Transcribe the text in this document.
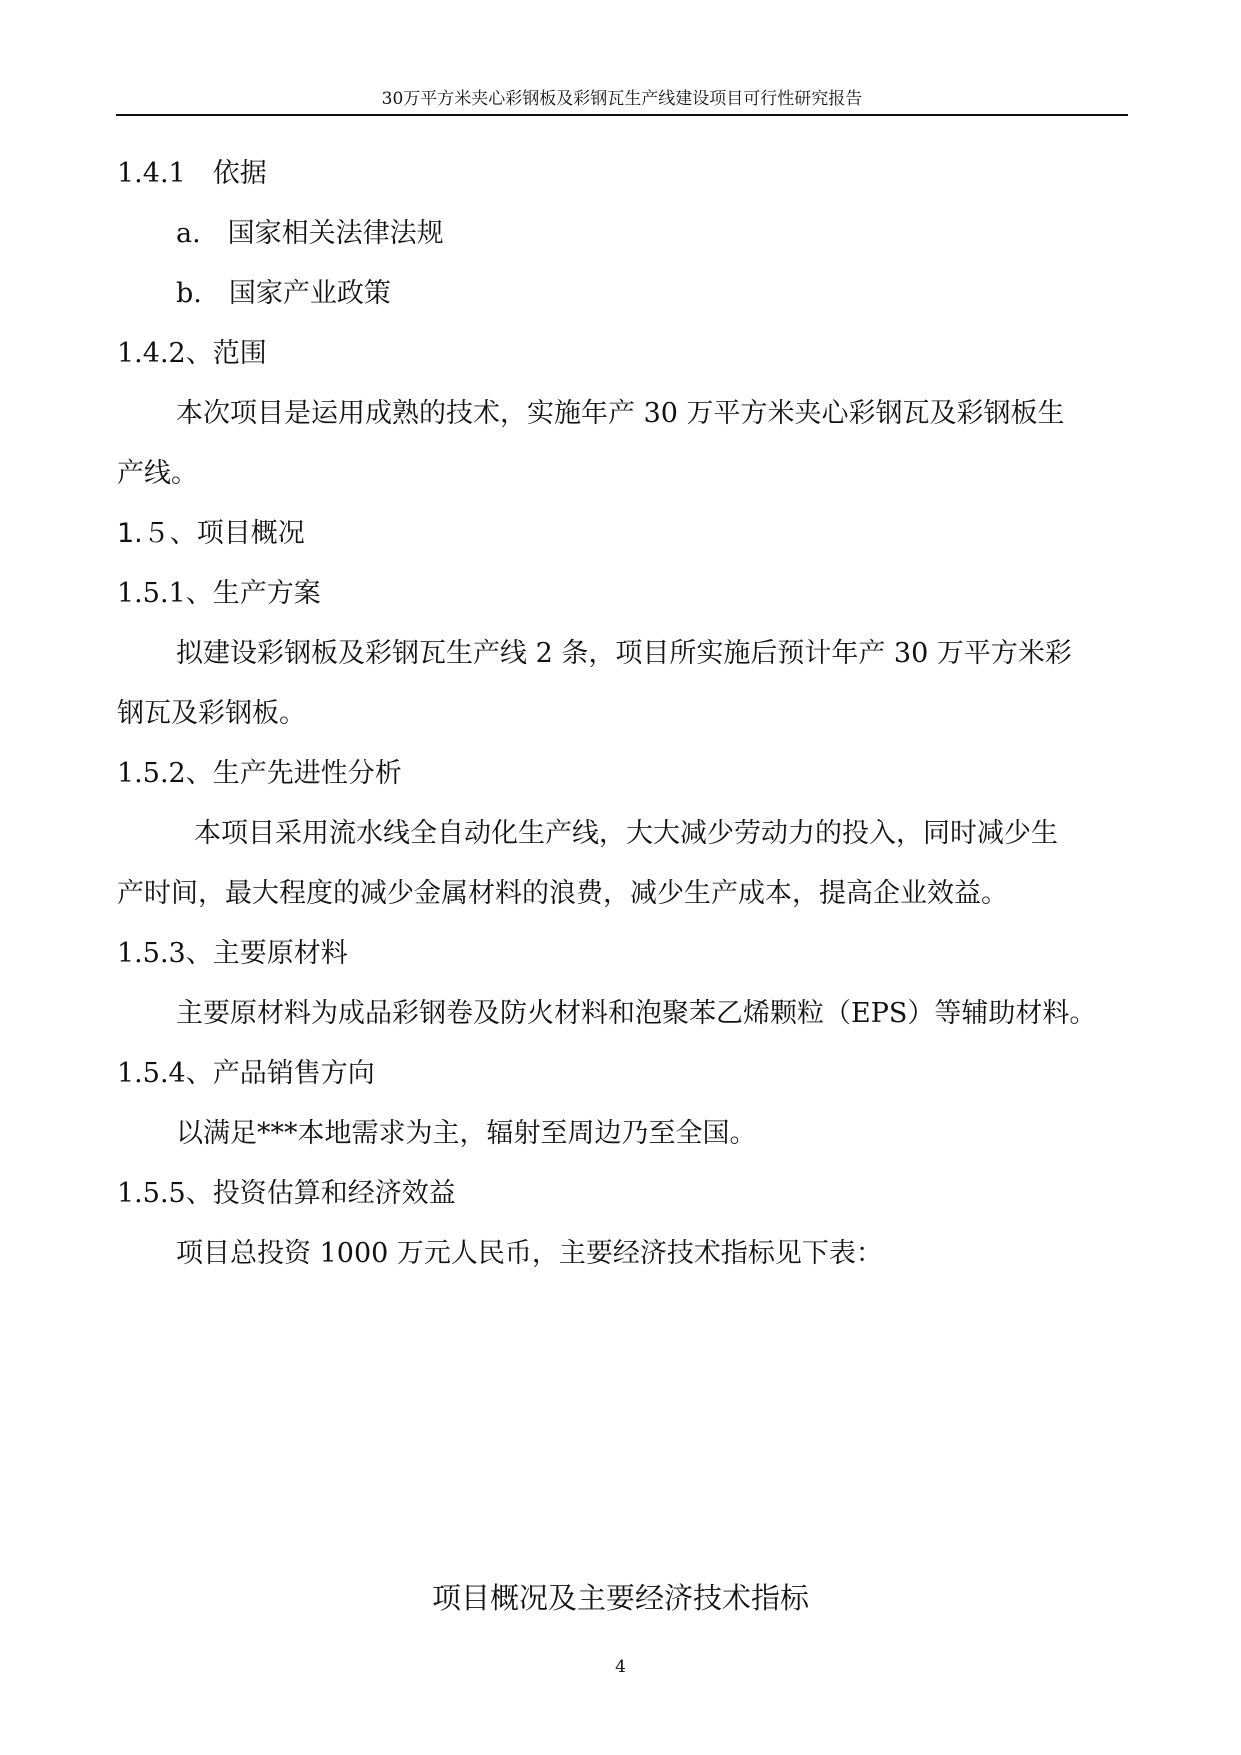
30万平方米夹心彩钢板及彩钢瓦生产线建设项目可行性研究报告
1.4.1　依据
a.　国家相关法律法规
b.　国家产业政策
1.4.2、范围
本次项目是运用成熟的技术，实施年产 30 万平方米夹心彩钢瓦及彩钢板生
产线。
1.５、项目概况
1.5.1、生产方案
拟建设彩钢板及彩钢瓦生产线 2 条，项目所实施后预计年产 30 万平方米彩
钢瓦及彩钢板。
1.5.2、生产先进性分析
本项目采用流水线全自动化生产线，大大减少劳动力的投入，同时减少生
产时间，最大程度的减少金属材料的浪费，减少生产成本，提高企业效益。
1.5.3、主要原材料
主要原材料为成品彩钢卷及防火材料和泡聚苯乙烯颗粒（EPS）等辅助材料。
1.5.4、产品销售方向
以满足***本地需求为主，辐射至周边乃至全国。
1.5.5、投资估算和经济效益
项目总投资 1000 万元人民币，主要经济技术指标见下表：
项目概况及主要经济技术指标
4
